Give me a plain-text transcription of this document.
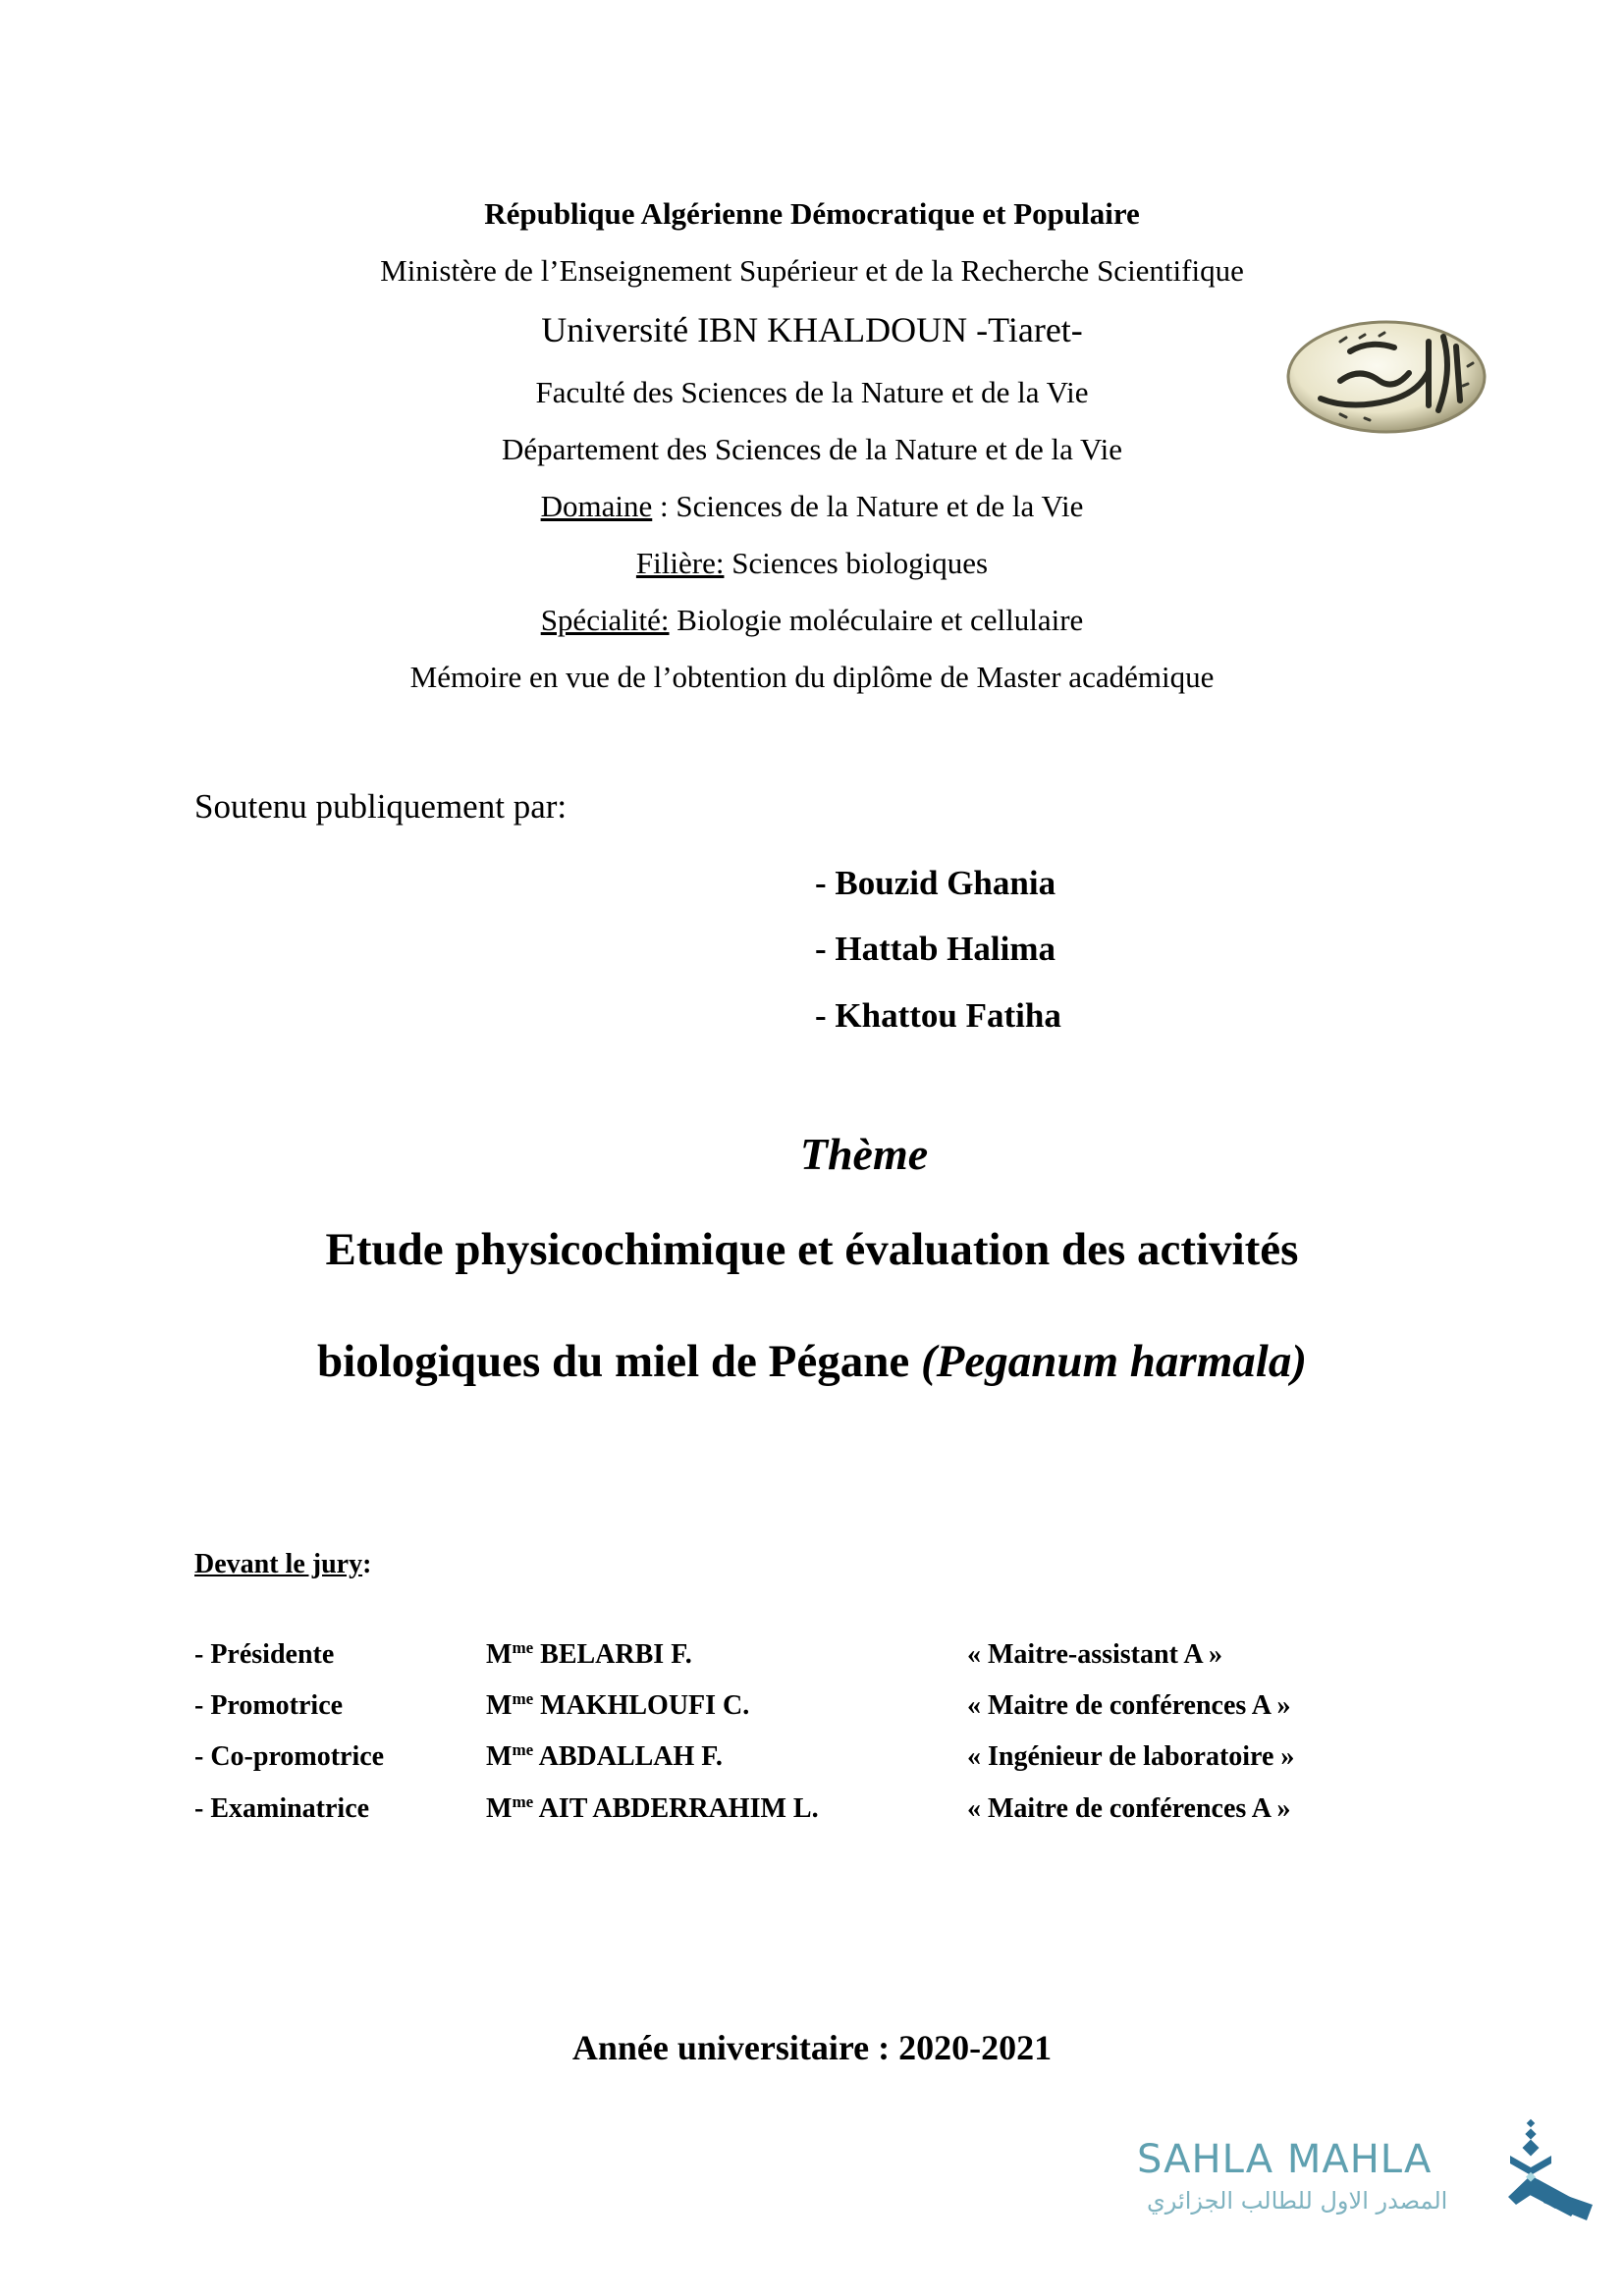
République Algérienne Démocratique et Populaire
Ministère de l’Enseignement Supérieur et de la Recherche Scientifique
Université IBN KHALDOUN -Tiaret-
Faculté des Sciences de la Nature et de la Vie
Département des Sciences de la Nature et de la Vie
Domaine : Sciences de la Nature et de la Vie
Filière: Sciences biologiques
Spécialité: Biologie moléculaire et cellulaire
Mémoire en vue de l’obtention du diplôme de Master académique
Soutenu publiquement par:
- Bouzid Ghania
- Hattab Halima
- Khattou Fatiha
Thème
Etude physicochimique et évaluation des activités
biologiques du miel de Pégane (Peganum harmala)
Devant le jury:
- Présidente	$M^{me}$ BELARBI F.	« Maitre-assistant A »
- Promotrice	$M^{me}$ MAKHLOUFI C.	« Maitre de conférences A »
- Co-promotrice	$M^{me}$ ABDALLAH F.	« Ingénieur de laboratoire »
- Examinatrice	$M^{me}$ AIT ABDERRAHIM L.	« Maitre de conférences A »
Année universitaire : 2020-2021
SAHLA MAHLA
المصدر الاول للطالب الجزائري
